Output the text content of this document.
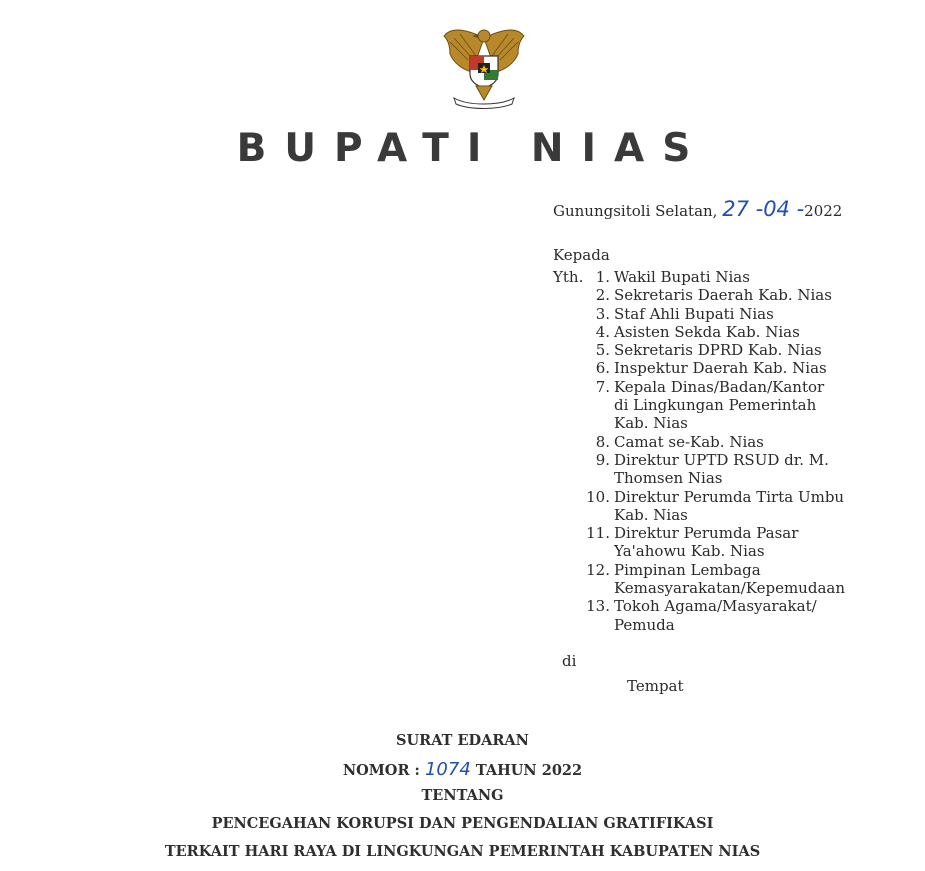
BUPATI NIAS
Gunungsitoli Selatan, 27 -04 -2022
Kepada
Yth. 1. Wakil Bupati Nias
2. Sekretaris Daerah Kab. Nias
3. Staf Ahli Bupati Nias
4. Asisten Sekda Kab. Nias
5. Sekretaris DPRD Kab. Nias
6. Inspektur Daerah Kab. Nias
7. Kepala Dinas/Badan/Kantor
di Lingkungan Pemerintah
Kab. Nias
8. Camat se-Kab. Nias
9. Direktur UPTD RSUD dr. M.
Thomsen Nias
10. Direktur Perumda Tirta Umbu
Kab. Nias
11. Direktur Perumda Pasar
Ya'ahowu Kab. Nias
12. Pimpinan Lembaga
Kemasyarakatan/Kepemudaan
13. Tokoh Agama/Masyarakat/
Pemuda
di
Tempat
SURAT EDARAN
NOMOR : 1074 TAHUN 2022
TENTANG
PENCEGAHAN KORUPSI DAN PENGENDALIAN GRATIFIKASI
TERKAIT HARI RAYA DI LINGKUNGAN PEMERINTAH KABUPATEN NIAS
